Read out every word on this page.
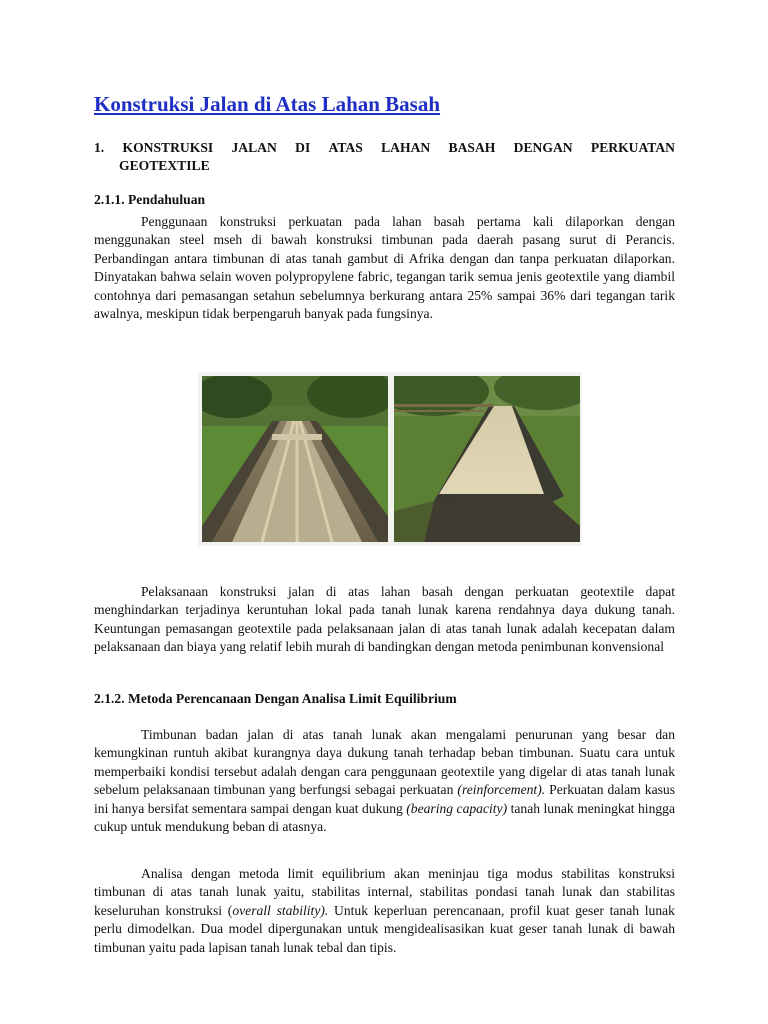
Konstruksi Jalan di Atas Lahan Basah
1. KONSTRUKSI JALAN DI ATAS LAHAN BASAH DENGAN PERKUATAN
GEOTEXTILE
2.1.1. Pendahuluan

Penggunaan konstruksi perkuatan pada lahan basah pertama kali dilaporkan dengan menggunakan steel mseh di bawah konstruksi timbunan pada daerah pasang surut di Perancis. Perbandingan antara timbunan di atas tanah gambut di Afrika dengan dan tanpa perkuatan dilaporkan. Dinyatakan bahwa selain woven polypropylene fabric, tegangan tarik semua jenis geotextile yang diambil contohnya dari pemasangan setahun sebelumnya berkurang antara 25% sampai 36% dari tegangan tarik awalnya, meskipun tidak berpengaruh banyak pada fungsinya.

Pelaksanaan konstruksi jalan di atas lahan basah dengan perkuatan geotextile dapat menghindarkan terjadinya keruntuhan lokal pada tanah lunak karena rendahnya daya dukung tanah. Keuntungan pemasangan geotextile pada pelaksanaan jalan di atas tanah lunak adalah kecepatan dalam pelaksanaan dan biaya yang relatif lebih murah di bandingkan dengan metoda penimbunan konvensional

2.1.2. Metoda Perencanaan Dengan Analisa Limit Equilibrium

Timbunan badan jalan di atas tanah lunak akan mengalami penurunan yang besar dan kemungkinan runtuh akibat kurangnya daya dukung tanah terhadap beban timbunan. Suatu cara untuk memperbaiki kondisi tersebut adalah dengan cara penggunaan geotextile yang digelar di atas tanah lunak sebelum pelaksanaan timbunan yang berfungsi sebagai perkuatan (reinforcement). Perkuatan dalam kasus ini hanya bersifat sementara sampai dengan kuat dukung (bearing capacity) tanah lunak meningkat hingga cukup untuk mendukung beban di atasnya.

Analisa dengan metoda limit equilibrium akan meninjau tiga modus stabilitas konstruksi timbunan di atas tanah lunak yaitu, stabilitas internal, stabilitas pondasi tanah lunak dan stabilitas keseluruhan konstruksi (overall stability). Untuk keperluan perencanaan, profil kuat geser tanah lunak perlu dimodelkan. Dua model dipergunakan untuk mengidealisasikan kuat geser tanah lunak di bawah timbunan yaitu pada lapisan tanah lunak tebal dan tipis.
